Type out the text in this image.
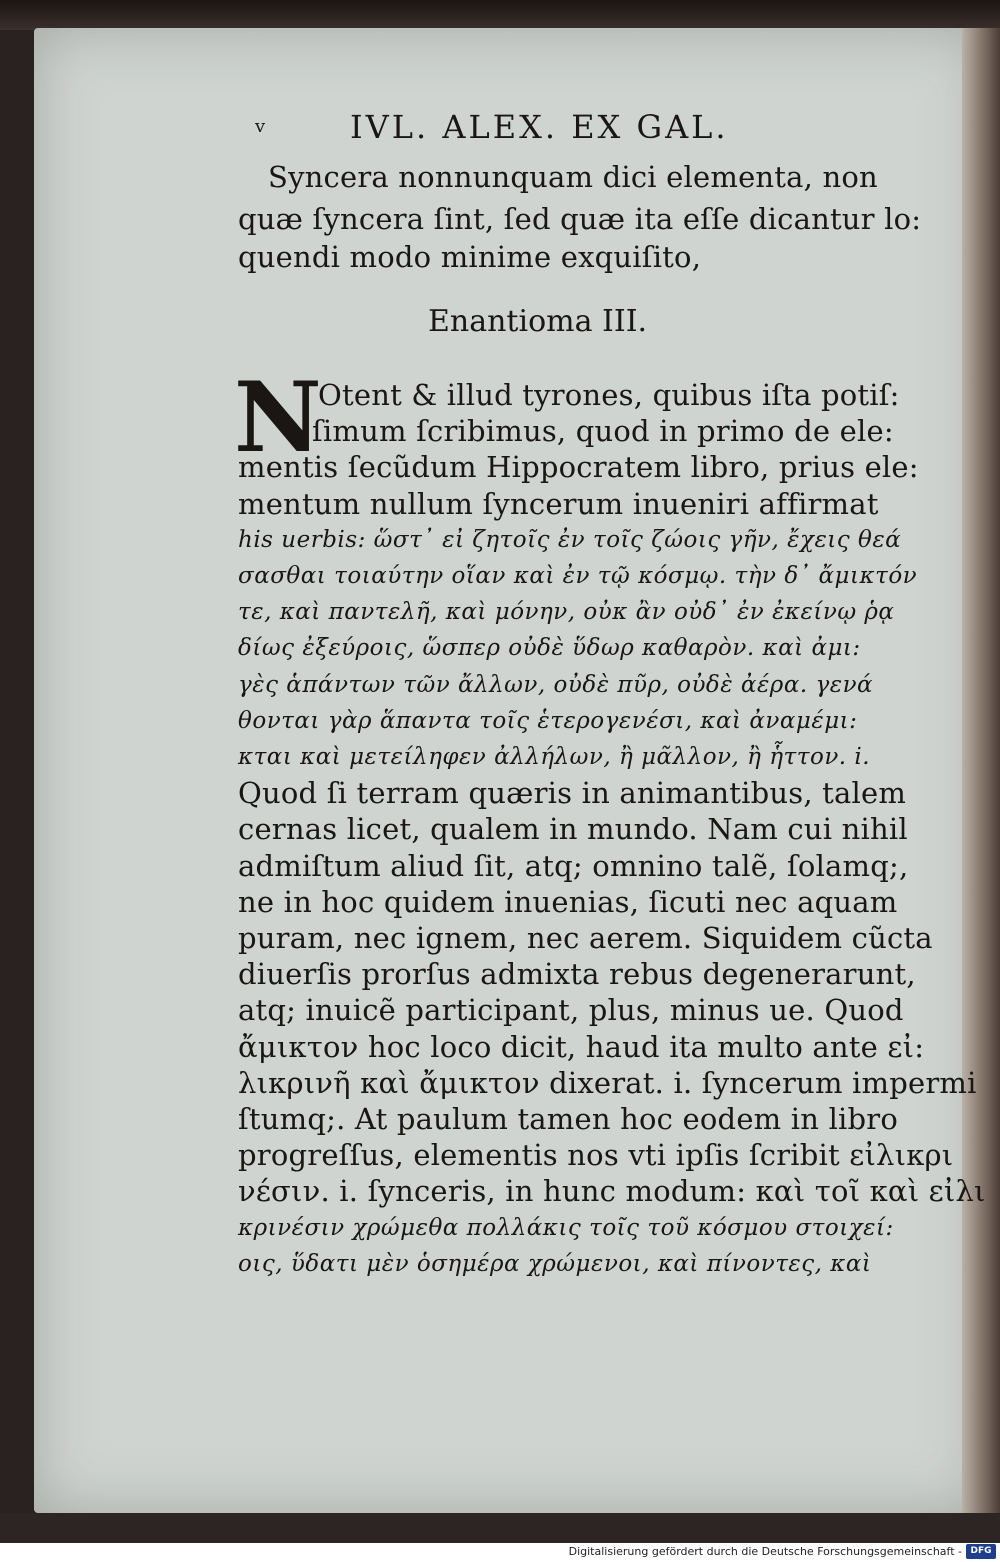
v	IVL. ALEX. EX GAL.
Syncera nonnunquam dici elementa, non
quæ ſyncera ſint, ſed quæ ita eſſe dicantur lo:
quendi modo minime exquiſito,
Enantioma III.
N
Otent & illud tyrones, quibus iſta potiſ:
ſimum ſcribimus, quod in primo de ele:
mentis ſecũdum Hippocratem libro, prius ele:
mentum nullum ſyncerum inueniri affirmat
his uerbis: ὥστ᾽ εἰ ζητοῖς ἐν τοῖς ζώοις γῆν, ἔχεις θεά
σασθαι τοιαύτην οἵαν καὶ ἐν τῷ κόσμῳ. τὴν δ᾽ ἄμικτόν
τε, καὶ παντελῆ, καὶ μόνην, οὐκ ἂν οὐδ᾽ ἐν ἐκείνῳ ῥᾳ
δίως ἐξεύροις, ὥσπερ οὐδὲ ὕδωρ καθαρὸν. καὶ ἀμι:
γὲς ἁπάντων τῶν ἄλλων, οὐδὲ πῦρ, οὐδὲ ἀέρα. γενά
θονται γὰρ ἅπαντα τοῖς ἑτερογενέσι, καὶ ἀναμέμι:
κται καὶ μετείληφεν ἀλλήλων, ἢ μᾶλλον, ἢ ἧττον. i.
Quod ſi terram quæris in animantibus, talem
cernas licet, qualem in mundo. Nam cui nihil
admiſtum aliud ſit, atq; omnino talẽ, ſolamq;,
ne in hoc quidem inuenias, ſicuti nec aquam
puram, nec ignem, nec aerem. Siquidem cũcta
diuerſis prorſus admixta rebus degenerarunt,
atq; inuicẽ participant, plus, minus ue. Quod
ἄμικτον hoc loco dicit, haud ita multo ante εἰ:
λικρινῆ καὶ ἄμικτον dixerat. i. ſyncerum impermi
ſtumq;. At paulum tamen hoc eodem in libro
progreſſus, elementis nos vti ipſis ſcribit εἰλικρι
νέσιν. i. ſynceris, in hunc modum: καὶ τοῖ καὶ εἰλι
κρινέσιν χρώμεθα πολλάκις τοῖς τοῦ κόσμου στοιχεί:
οις, ὕδατι μὲν ὁσημέρα χρώμενοι, καὶ πίνοντες, καὶ
Digitalisierung gefördert durch die Deutsche Forschungsgemeinschaft - DFG
